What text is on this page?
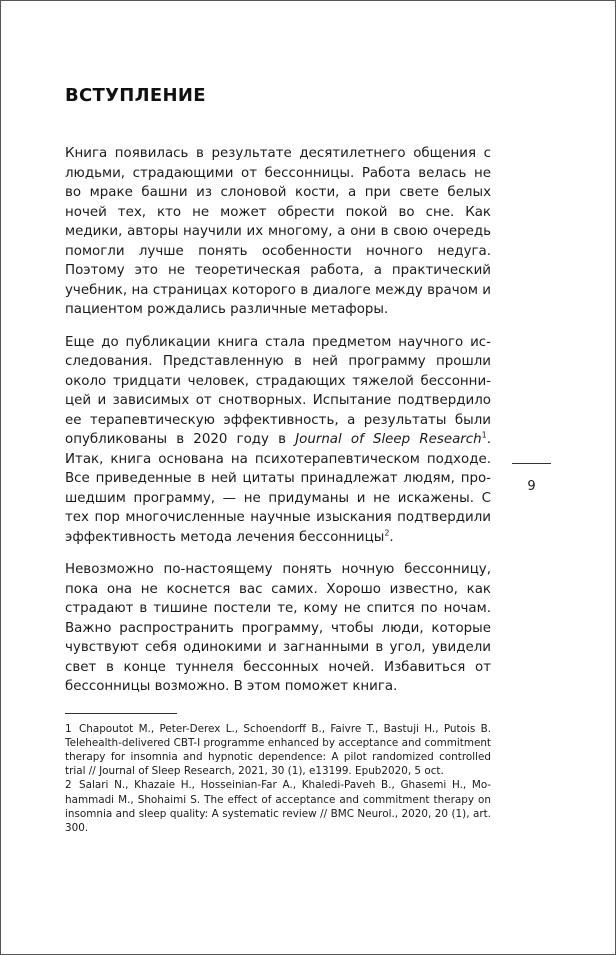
ВСТУПЛЕНИЕ

Книга появилась в результате десятилетнего общения с людьми, страдающими от бессонницы. Работа велась не во мраке башни из слоновой кости, а при свете белых ночей тех, кто не может обрести покой во сне. Как медики, авторы научили их многому, а они в свою очередь помогли лучше понять особенности ночного недуга. Поэтому это не теоретическая работа, а практический учебник, на страницах которого в диалоге между врачом и пациентом рождались различные метафоры.

Еще до публикации книга стала предметом научного исследования. Представленную в ней программу прошли около тридцати человек, страдающих тяжелой бессонницей и зависимых от снотворных. Испытание подтвердило ее терапевтическую эффективность, а результаты были опубликованы в 2020 году в Journal of Sleep Research$^1$. Итак, книга основана на психотерапевтическом подходе. Все приведенные в ней цитаты принадлежат людям, прошедшим программу, — не придуманы и не искажены. С тех пор многочисленные научные изыскания подтвердили эффективность метода лечения бессонницы$^2$.

Невозможно по-настоящему понять ночную бессонницу, пока она не коснется вас самих. Хорошо известно, как страдают в тишине постели те, кому не спится по ночам. Важно распространить программу, чтобы люди, которые чувствуют себя одинокими и загнанными в угол, увидели свет в конце туннеля бессонных ночей. Избавиться от бессонницы возможно. В этом поможет книга.

1 Chapoutot M., Peter-Derex L., Schoendorff B., Faivre T., Bastuji H., Putois B. Telehealth-delivered CBT-I programme enhanced by acceptance and commitment therapy for insomnia and hypnotic dependence: A pilot randomized controlled trial // Journal of Sleep Research, 2021, 30 (1), e13199. Epub2020, 5 oct.

2 Salari N., Khazaie H., Hosseinian-Far A., Khaledi-Paveh B., Ghasemi H., Mohammadi M., Shohaimi S. The effect of acceptance and commitment therapy on insomnia and sleep quality: A systematic review // BMC Neurol., 2020, 20 (1), art. 300.

9
